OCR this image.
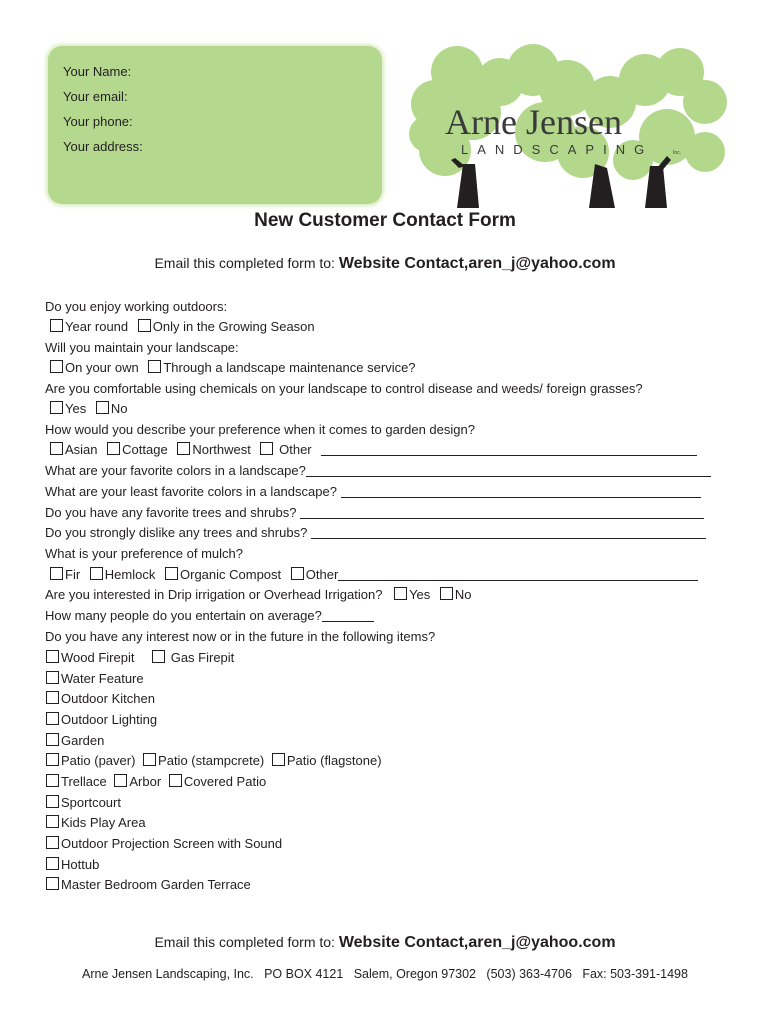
Your Name:
Your email:
Your phone:
Your address:
Arne Jensen
LANDSCAPING	Inc.
New Customer Contact Form
Email this completed form to: Website Contact,aren_j@yahoo.com
Do you enjoy working outdoors:
Year round Only in the Growing Season
Will you maintain your landscape:
On your own Through a landscape maintenance service?
Are you comfortable using chemicals on your landscape to control disease and weeds/ foreign grasses?
Yes No
How would you describe your preference when it comes to garden design?
Asian Cottage Northwest Other
What are your favorite colors in a landscape?
What are your least favorite colors in a landscape?
Do you have any favorite trees and shrubs?
Do you strongly dislike any trees and shrubs?
What is your preference of mulch?
Fir Hemlock Organic Compost Other
Are you interested in Drip irrigation or Overhead Irrigation? Yes No
How many people do you entertain on average?
Do you have any interest now or in the future in the following items?
Wood Firepit	Gas Firepit
Water Feature
Outdoor Kitchen
Outdoor Lighting
Garden
Patio (paver) Patio (stampcrete) Patio (flagstone)
Trellace Arbor Covered Patio
Sportcourt
Kids Play Area
Outdoor Projection Screen with Sound
Hottub
Master Bedroom Garden Terrace
Email this completed form to: Website Contact,aren_j@yahoo.com
Arne Jensen Landscaping, Inc.   PO BOX 4121   Salem, Oregon 97302   (503) 363-4706   Fax: 503-391-1498
